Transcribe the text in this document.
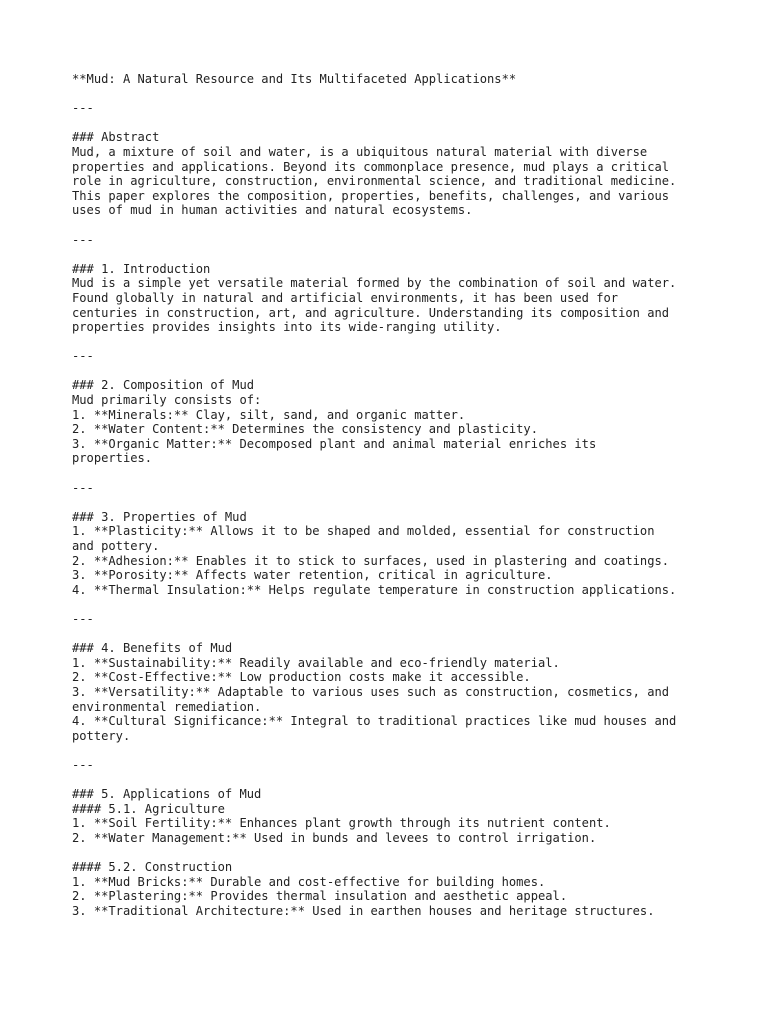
**Mud: A Natural Resource and Its Multifaceted Applications**
---
### Abstract
Mud, a mixture of soil and water, is a ubiquitous natural material with diverse
properties and applications. Beyond its commonplace presence, mud plays a critical
role in agriculture, construction, environmental science, and traditional medicine.
This paper explores the composition, properties, benefits, challenges, and various
uses of mud in human activities and natural ecosystems.
---
### 1. Introduction
Mud is a simple yet versatile material formed by the combination of soil and water.
Found globally in natural and artificial environments, it has been used for
centuries in construction, art, and agriculture. Understanding its composition and
properties provides insights into its wide-ranging utility.
---
### 2. Composition of Mud
Mud primarily consists of:
1. **Minerals:** Clay, silt, sand, and organic matter.
2. **Water Content:** Determines the consistency and plasticity.
3. **Organic Matter:** Decomposed plant and animal material enriches its
properties.
---
### 3. Properties of Mud
1. **Plasticity:** Allows it to be shaped and molded, essential for construction
and pottery.
2. **Adhesion:** Enables it to stick to surfaces, used in plastering and coatings.
3. **Porosity:** Affects water retention, critical in agriculture.
4. **Thermal Insulation:** Helps regulate temperature in construction applications.
---
### 4. Benefits of Mud
1. **Sustainability:** Readily available and eco-friendly material.
2. **Cost-Effective:** Low production costs make it accessible.
3. **Versatility:** Adaptable to various uses such as construction, cosmetics, and
environmental remediation.
4. **Cultural Significance:** Integral to traditional practices like mud houses and
pottery.
---
### 5. Applications of Mud
#### 5.1. Agriculture
1. **Soil Fertility:** Enhances plant growth through its nutrient content.
2. **Water Management:** Used in bunds and levees to control irrigation.
#### 5.2. Construction
1. **Mud Bricks:** Durable and cost-effective for building homes.
2. **Plastering:** Provides thermal insulation and aesthetic appeal.
3. **Traditional Architecture:** Used in earthen houses and heritage structures.
